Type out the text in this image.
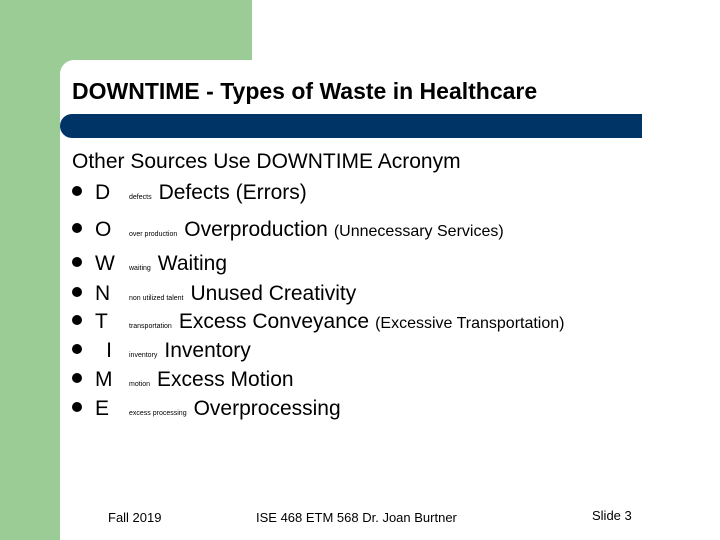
DOWNTIME - Types of Waste in Healthcare
Other Sources Use DOWNTIME Acronym
D	defects Defects (Errors)
O	over production Overproduction (Unnecessary Services)
W	waiting Waiting
N	non utilized talent Unused Creativity
T	transportation Excess Conveyance (Excessive Transportation)
I	inventory Inventory
M	motion Excess Motion
E	excess processing Overprocessing
Fall 2019	ISE 468 ETM 568 Dr. Joan Burtner	Slide 3
